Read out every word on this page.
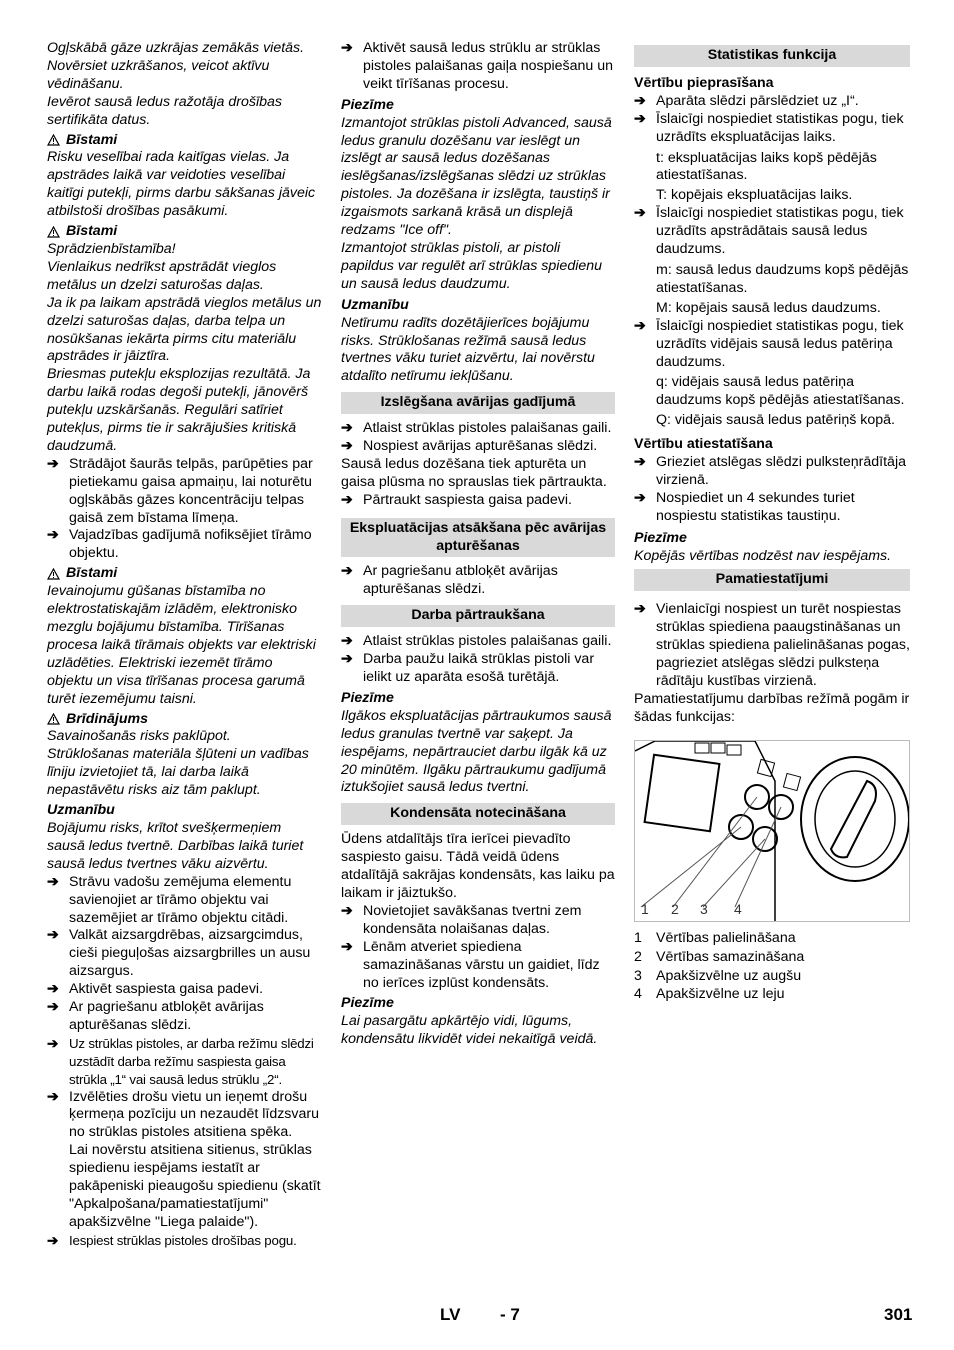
Ogļskābā gāze uzkrājas zemākās vietās. Novērsiet uzkrāšanos, veicot aktīvu vēdināšanu.

Ievērot sausā ledus ražotāja drošības sertifikāta datus.

Bīstami

Risku veselībai rada kaitīgas vielas. Ja apstrādes laikā var veidoties veselībai kaitīgi putekļi, pirms darbu sākšanas jāveic atbilstoši drošības pasākumi.

Bīstami

Sprādzienbīstamība!

Vienlaikus nedrīkst apstrādāt vieglos metālus un dzelzi saturošas daļas.

Ja ik pa laikam apstrādā vieglos metālus un dzelzi saturošas daļas, darba telpa un nosūkšanas iekārta pirms citu materiālu apstrādes ir jāiztīra.

Briesmas putekļu eksplozijas rezultātā. Ja darbu laikā rodas degoši putekļi, jānovērš putekļu uzskāršanās. Regulāri satīriet putekļus, pirms tie ir sakrājušies kritiskā daudzumā.

➔ Strādājot šaurās telpās, parūpēties par pietiekamu gaisa apmaiņu, lai noturētu ogļskābās gāzes koncentrāciju telpas gaisā zem bīstama līmeņa.
➔ Vajadzības gadījumā nofiksējiet tīrāmo objektu.
Bīstami

Ievainojumu gūšanas bīstamība no elektrostatiskajām izlādēm, elektronisko mezglu bojājumu bīstamība. Tīrīšanas procesa laikā tīrāmais objekts var elektriski uzlādēties. Elektriski iezemēt tīrāmo objektu un visa tīrīšanas procesa garumā turēt iezemējumu taisni.

Brīdinājums

Savainošanās risks paklūpot.

Strūklošanas materiāla šļūteni un vadības līniju izvietojiet tā, lai darba laikā nepastāvētu risks aiz tām paklupt.

Uzmanību

Bojājumu risks, krītot svešķermeņiem sausā ledus tvertnē. Darbības laikā turiet sausā ledus tvertnes vāku aizvērtu.

➔ Strāvu vadošu zemējuma elementu savienojiet ar tīrāmo objektu vai sazemējiet ar tīrāmo objektu citādi.
➔ Valkāt aizsargdrēbas, aizsargcimdus, cieši pieguļošas aizsargbrilles un ausu aizsargus.
➔ Aktivēt saspiesta gaisa padevi.
➔ Ar pagriešanu atbloķēt avārijas apturēšanas slēdzi.
➔ Uz strūklas pistoles, ar darba režīmu slēdzi uzstādīt darba režīmu saspiesta gaisa strūkla „1“ vai sausā ledus strūklu „2“.
➔ Izvēlēties drošu vietu un ieņemt drošu ķermeņa pozīciju un nezaudēt līdzsvaru no strūklas pistoles atsitiena spēka.

Lai novērstu atsitiena sitienus, strūklas spiedienu iespējams iestatīt ar pakāpeniski pieaugošu spiedienu (skatīt "Apkalpošana/pamatiestatījumi" apakšizvēlne "Liega palaide").

➔ Iespiest strūklas pistoles drošības pogu.
➔ Aktivēt sausā ledus strūklu ar strūklas pistoles palaišanas gaiļa nospiešanu un veikt tīrīšanas procesu.

Piezīme

Izmantojot strūklas pistoli Advanced, sausā ledus granulu dozēšanu var ieslēgt un izslēgt ar sausā ledus dozēšanas ieslēgšanas/izslēgšanas slēdzi uz strūklas pistoles. Ja dozēšana ir izslēgta, taustiņš ir izgaismots sarkanā krāsā un displejā redzams "Ice off".

Izmantojot strūklas pistoli, ar pistoli papildus var regulēt arī strūklas spiedienu un sausā ledus daudzumu.

Uzmanību

Netīrumu radīts dozētājierīces bojājumu risks. Strūklošanas režīmā sausā ledus tvertnes vāku turiet aizvērtu, lai novērstu atdalīto netīrumu iekļūšanu.

Izslēgšana avārijas gadījumā
➔ Atlaist strūklas pistoles palaišanas gaili.
➔ Nospiest avārijas apturēšanas slēdzi.

Sausā ledus dozēšana tiek apturēta un gaisa plūsma no sprauslas tiek pārtraukta.

➔ Pārtraukt saspiesta gaisa padevi.
Ekspluatācijas atsākšana pēc avārijas apturēšanas
➔ Ar pagriešanu atbloķēt avārijas apturēšanas slēdzi.
Darba pārtraukšana
➔ Atlaist strūklas pistoles palaišanas gaili.
➔ Darba paužu laikā strūklas pistoli var ielikt uz aparāta esošā turētājā.

Piezīme

Ilgākos ekspluatācijas pārtraukumos sausā ledus granulas tvertnē var saķept. Ja iespējams, nepārtrauciet darbu ilgāk kā uz 20 minūtēm. Ilgāku pārtraukumu gadījumā iztukšojiet sausā ledus tvertni.

Kondensāta notecināšana

Ūdens atdalītājs tīra ierīcei pievadīto saspiesto gaisu. Tādā veidā ūdens atdalītājā sakrājas kondensāts, kas laiku pa laikam ir jāiztukšo.

➔ Novietojiet savākšanas tvertni zem kondensāta nolaišanas daļas.
➔ Lēnām atveriet spiediena samazināšanas vārstu un gaidiet, līdz no ierīces izplūst kondensāts.

Piezīme

Lai pasargātu apkārtējo vidi, lūgums, kondensātu likvidēt videi nekaitīgā veidā.

Statistikas funkcija

Vērtību pieprasīšana

➔ Aparāta slēdzi pārslēdziet uz „I“.
➔ Īslaicīgi nospiediet statistikas pogu, tiek uzrādīts ekspluatācijas laiks.

t: ekspluatācijas laiks kopš pēdējās atiestatīšanas.

T: kopējais ekspluatācijas laiks.

➔ Īslaicīgi nospiediet statistikas pogu, tiek uzrādīts apstrādātais sausā ledus daudzums.

m: sausā ledus daudzums kopš pēdējās atiestatīšanas.

M: kopējais sausā ledus daudzums.

➔ Īslaicīgi nospiediet statistikas pogu, tiek uzrādīts vidējais sausā ledus patēriņa daudzums.

q: vidējais sausā ledus patēriņa daudzums kopš pēdējās atiestatīšanas.

Q: vidējais sausā ledus patēriņš kopā.

Vērtību atiestatīšana

➔ Grieziet atslēgas slēdzi pulksteņrādītāja virzienā.
➔ Nospiediet un 4 sekundes turiet nospiestu statistikas taustiņu.

Piezīme

Kopējās vērtības nodzēst nav iespējams.

Pamatiestatījumi
➔ Vienlaicīgi nospiest un turēt nospiestas strūklas spiediena paaugstināšanas un strūklas spiediena palielināšanas pogas, pagrieziet atslēgas slēdzi pulksteņa rādītāju kustības virzienā.

Pamatiestatījumu darbības režīmā pogām ir šādas funkcijas:

1 2 3 4
1 Vērtības palielināšana
2 Vērtības samazināšana
3 Apakšizvēlne uz augšu
4 Apakšizvēlne uz leju
LV - 7	301
